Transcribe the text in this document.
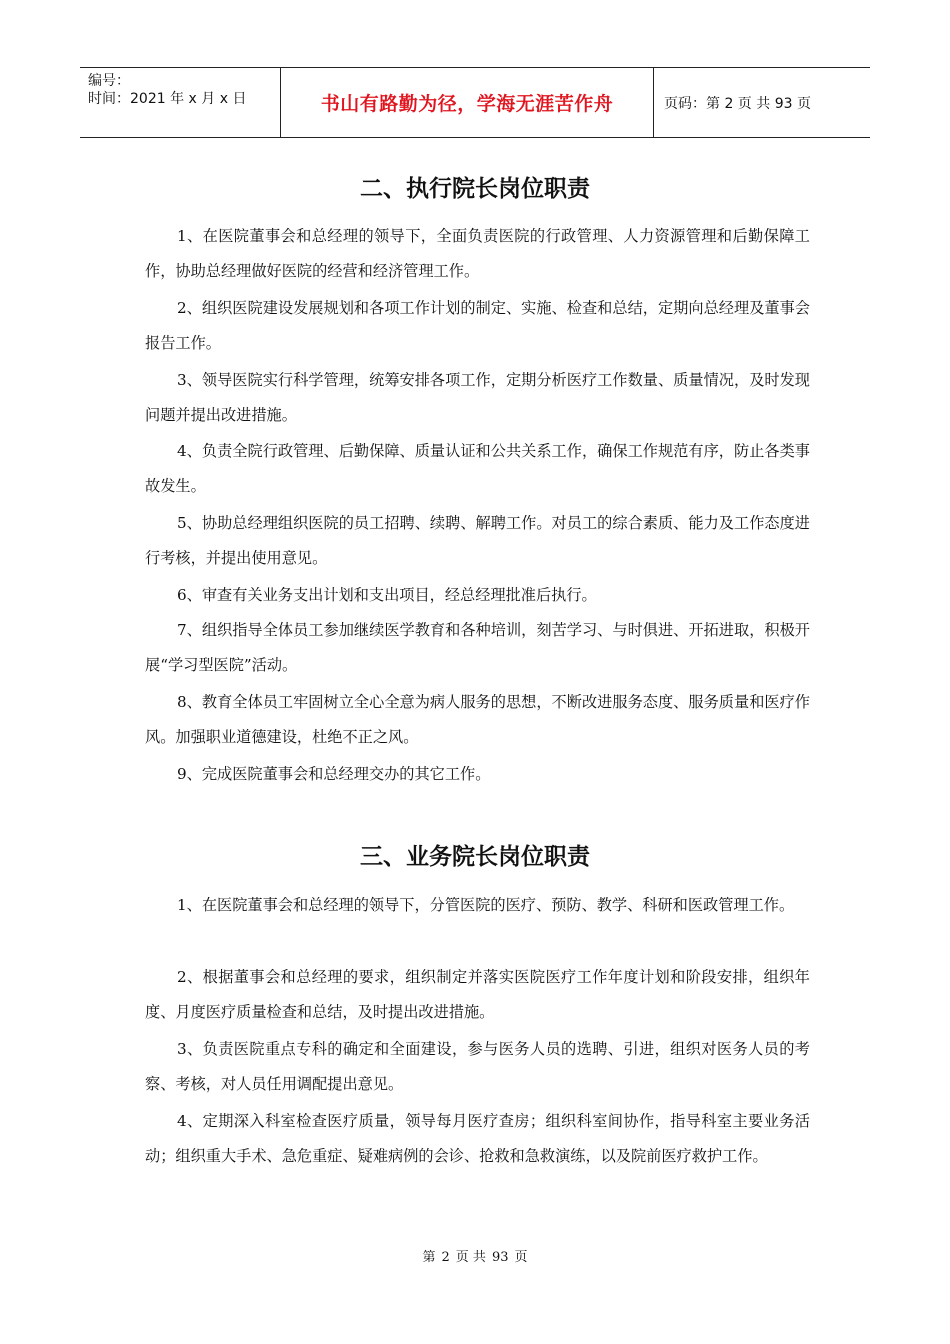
编号：
时间：2021 年 x 月 x 日	书山有路勤为径，学海无涯苦作舟	页码：第 2 页 共 93 页
二、执行院长岗位职责
1、在医院董事会和总经理的领导下，全面负责医院的行政管理、人力资源管理和后勤保障工作，协助总经理做好医院的经营和经济管理工作。
2、组织医院建设发展规划和各项工作计划的制定、实施、检查和总结，定期向总经理及董事会报告工作。
3、领导医院实行科学管理，统筹安排各项工作，定期分析医疗工作数量、质量情况，及时发现问题并提出改进措施。
4、负责全院行政管理、后勤保障、质量认证和公共关系工作，确保工作规范有序，防止各类事故发生。
5、协助总经理组织医院的员工招聘、续聘、解聘工作。对员工的综合素质、能力及工作态度进行考核，并提出使用意见。
6、审查有关业务支出计划和支出项目，经总经理批准后执行。
7、组织指导全体员工参加继续医学教育和各种培训，刻苦学习、与时俱进、开拓进取，积极开展“学习型医院”活动。
8、教育全体员工牢固树立全心全意为病人服务的思想，不断改进服务态度、服务质量和医疗作风。加强职业道德建设，杜绝不正之风。
9、完成医院董事会和总经理交办的其它工作。
三、业务院长岗位职责
1、在医院董事会和总经理的领导下，分管医院的医疗、预防、教学、科研和医政管理工作。
2、根据董事会和总经理的要求，组织制定并落实医院医疗工作年度计划和阶段安排，组织年度、月度医疗质量检查和总结，及时提出改进措施。
3、负责医院重点专科的确定和全面建设，参与医务人员的选聘、引进，组织对医务人员的考察、考核，对人员任用调配提出意见。
4、定期深入科室检查医疗质量，领导每月医疗查房；组织科室间协作，指导科室主要业务活动；组织重大手术、急危重症、疑难病例的会诊、抢救和急救演练，以及院前医疗救护工作。
第 2 页 共 93 页
